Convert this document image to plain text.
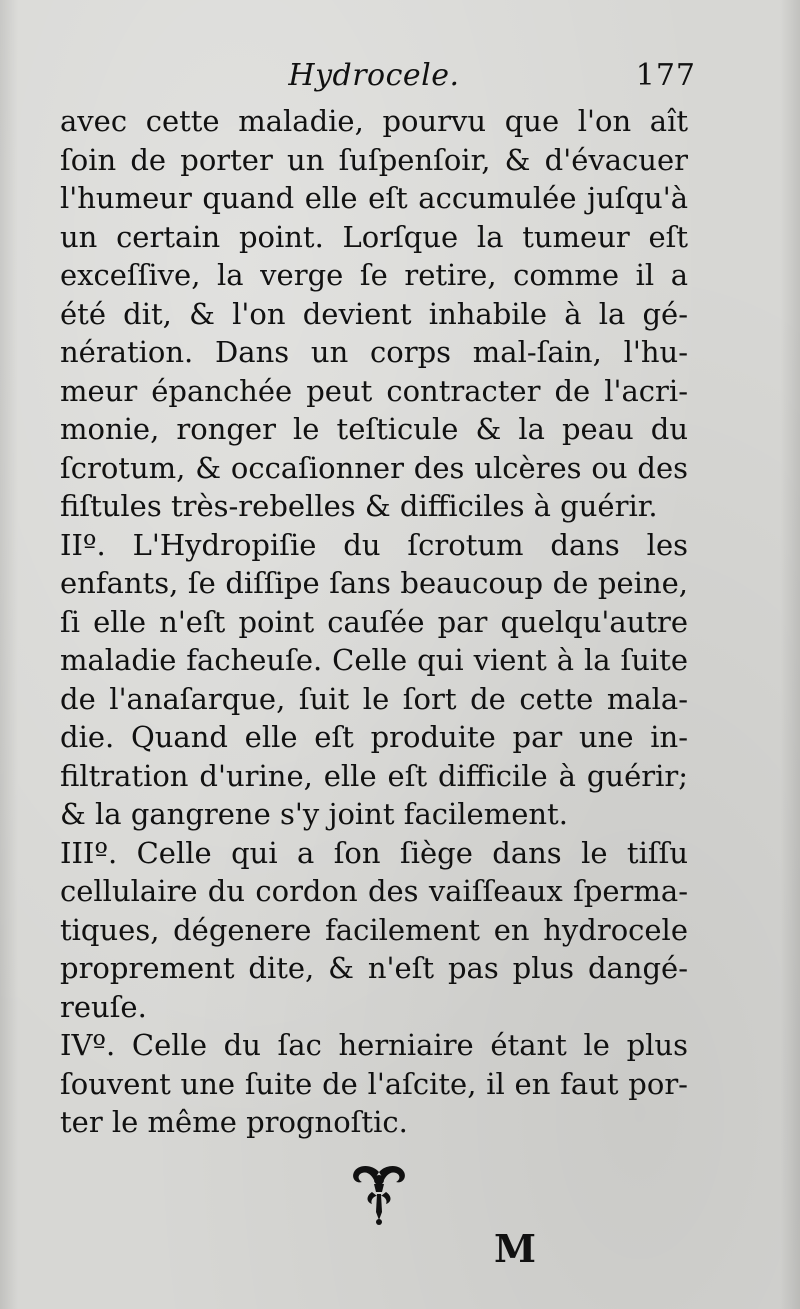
Hydrocele.	177
avec cette maladie, pourvu que l'on aît
ſoin de porter un ſuſpenſoir, & d'évacuer
l'humeur quand elle eſt accumulée juſqu'à
un certain point. Lorſque la tumeur eſt
exceſſive, la verge ſe retire, comme il a
été dit, & l'on devient inhabile à la gé-
nération. Dans un corps mal-ſain, l'hu-
meur épanchée peut contracter de l'acri-
monie, ronger le teſticule & la peau du
ſcrotum, & occaſionner des ulcères ou des
fiſtules très-rebelles & difficiles à guérir.
IIº. L'Hydropiſie du ſcrotum dans les
enfants, ſe diſſipe ſans beaucoup de peine,
ſi elle n'eſt point cauſée par quelqu'autre
maladie facheuſe. Celle qui vient à la ſuite
de l'anaſarque, ſuit le ſort de cette mala-
die. Quand elle eſt produite par une in-
filtration d'urine, elle eſt difficile à guérir;
& la gangrene s'y joint facilement.
IIIº. Celle qui a ſon ſiège dans le tiſſu
cellulaire du cordon des vaiſſeaux ſperma-
tiques, dégenere facilement en hydrocele
proprement dite, & n'eſt pas plus dangé-
reuſe.
IVº. Celle du ſac herniaire étant le plus
ſouvent une ſuite de l'aſcite, il en faut por-
ter le même prognoſtic.
M
